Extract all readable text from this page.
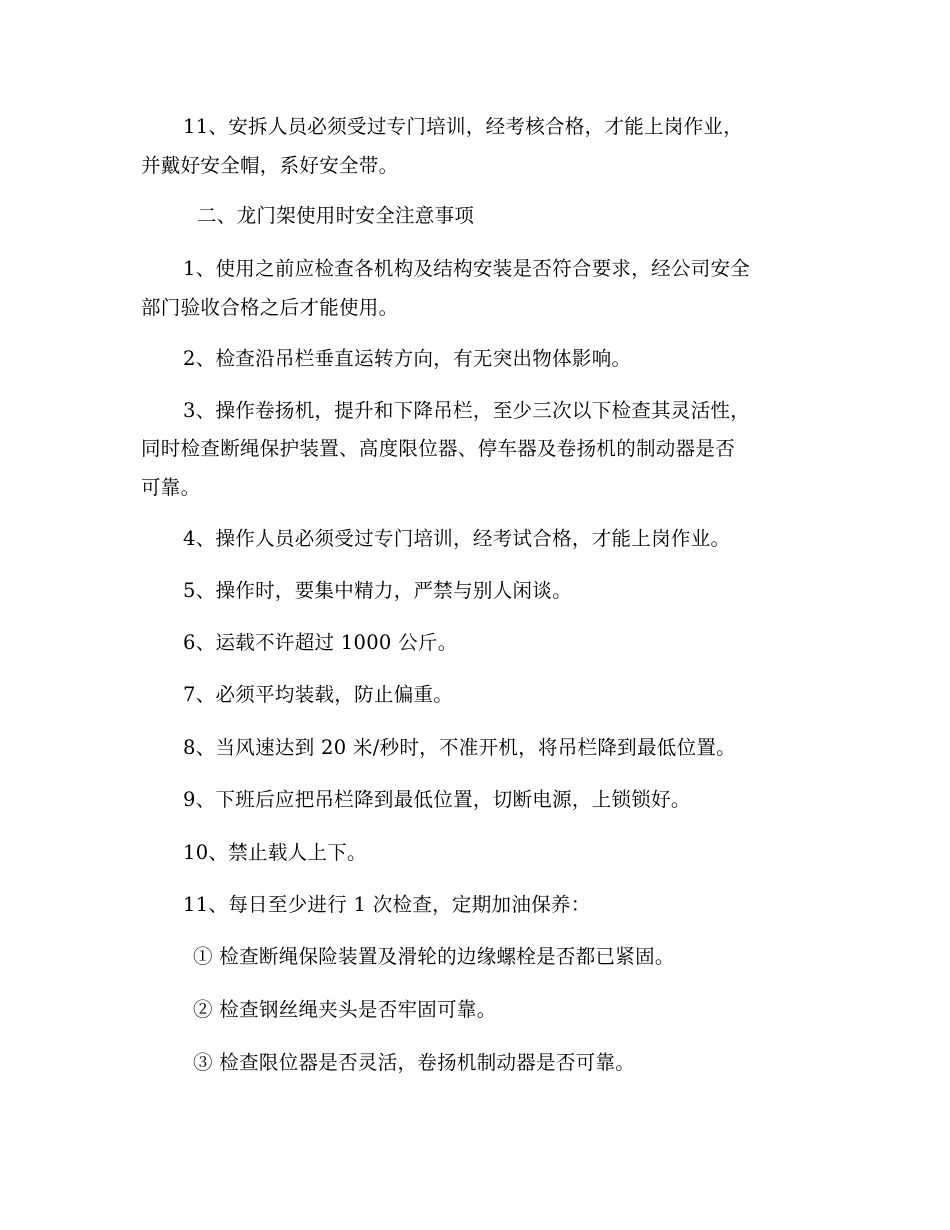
11、安拆人员必须受过专门培训，经考核合格，才能上岗作业，
并戴好安全帽，系好安全带。
二、龙门架使用时安全注意事项
1、使用之前应检查各机构及结构安装是否符合要求，经公司安全
部门验收合格之后才能使用。
2、检查沿吊栏垂直运转方向，有无突出物体影响。
3、操作卷扬机，提升和下降吊栏，至少三次以下检查其灵活性，
同时检查断绳保护装置、高度限位器、停车器及卷扬机的制动器是否
可靠。
4、操作人员必须受过专门培训，经考试合格，才能上岗作业。
5、操作时，要集中精力，严禁与别人闲谈。
6、运载不许超过 1000 公斤。
7、必须平均装载，防止偏重。
8、当风速达到 20 米/秒时，不准开机，将吊栏降到最低位置。
9、下班后应把吊栏降到最低位置，切断电源，上锁锁好。
10、禁止载人上下。
11、每日至少进行 1 次检查，定期加油保养：
① 检查断绳保险装置及滑轮的边缘螺栓是否都已紧固。
② 检查钢丝绳夹头是否牢固可靠。
③ 检查限位器是否灵活，卷扬机制动器是否可靠。
